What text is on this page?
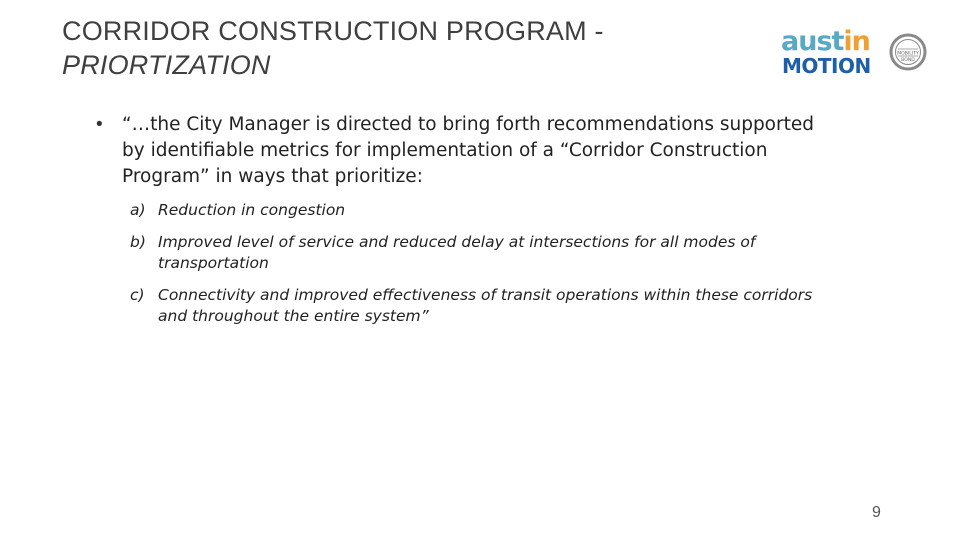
CORRIDOR CONSTRUCTION PROGRAM -
PRIORTIZATION
austin
MOTION	MOBILITY
BOND
• “…the City Manager is directed to bring forth recommendations supported by identifiable metrics for implementation of a “Corridor Construction Program” in ways that prioritize:
a) Reduction in congestion
b) Improved level of service and reduced delay at intersections for all modes of transportation
c) Connectivity and improved effectiveness of transit operations within these corridors and throughout the entire system”
9
